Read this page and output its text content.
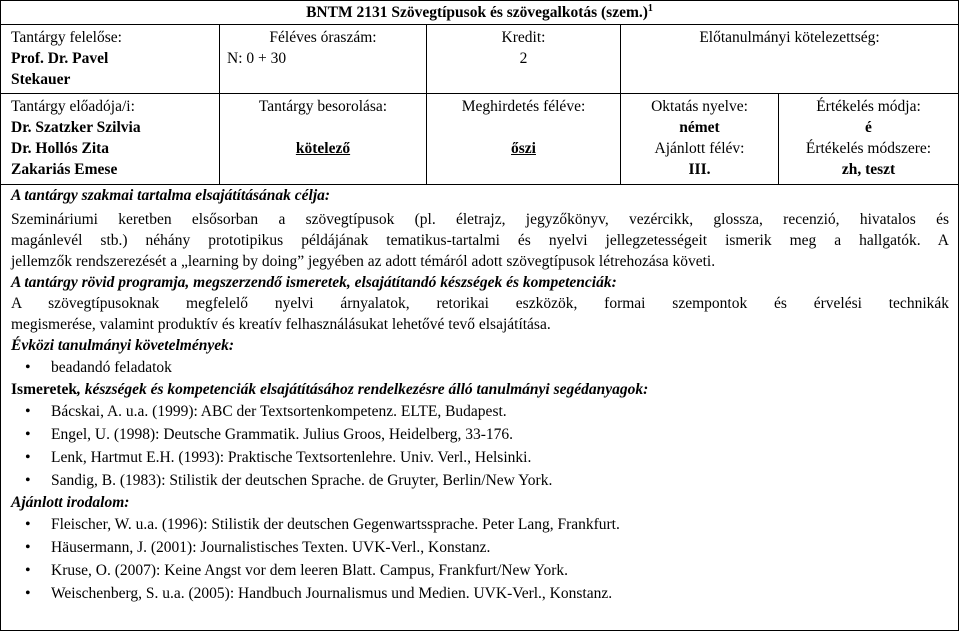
BNTM 2131 Szövegtípusok és szövegalkotás (szem.)$^1$
Tantárgy felelőse:
Prof. Dr. Pavel
Stekauer
Féléves óraszám:
N: 0 + 30
Kredit:
2
Előtanulmányi kötelezettség:
Tantárgy előadója/i:
Dr. Szatzker Szilvia
Dr. Hollós Zita
Zakariás Emese
Tantárgy besorolása:
kötelező
Meghirdetés féléve:
őszi
Oktatás nyelve:
német
Ajánlott félév:
III.
Értékelés módja:
é
Értékelés módszere:
zh, teszt
A tantárgy szakmai tartalma elsajátításának célja:
Szemináriumi keretben elsősorban a szövegtípusok (pl. életrajz, jegyzőkönyv, vezércikk, glossza, recenzió, hivatalos és
magánlevél stb.) néhány prototipikus példájának tematikus-tartalmi és nyelvi jellegzetességeit ismerik meg a hallgatók. A
jellemzők rendszerezését a „learning by doing” jegyében az adott témáról adott szövegtípusok létrehozása követi.
A tantárgy rövid programja, megszerzendő ismeretek, elsajátítandó készségek és kompetenciák:
A szövegtípusoknak megfelelő nyelvi árnyalatok, retorikai eszközök, formai szempontok és érvelési technikák
megismerése, valamint produktív és kreatív felhasználásukat lehetővé tevő elsajátítása.
Évközi tanulmányi követelmények:
• beadandó feladatok
Ismeretek, készségek és kompetenciák elsajátításához rendelkezésre álló tanulmányi segédanyagok:
• Bácskai, A. u.a. (1999): ABC der Textsortenkompetenz. ELTE, Budapest.
• Engel, U. (1998): Deutsche Grammatik. Julius Groos, Heidelberg, 33-176.
• Lenk, Hartmut E.H. (1993): Praktische Textsortenlehre. Univ. Verl., Helsinki.
• Sandig, B. (1983): Stilistik der deutschen Sprache. de Gruyter, Berlin/New York.
Ajánlott irodalom:
• Fleischer, W. u.a. (1996): Stilistik der deutschen Gegenwartssprache. Peter Lang, Frankfurt.
• Häusermann, J. (2001): Journalistisches Texten. UVK-Verl., Konstanz.
• Kruse, O. (2007): Keine Angst vor dem leeren Blatt. Campus, Frankfurt/New York.
• Weischenberg, S. u.a. (2005): Handbuch Journalismus und Medien. UVK-Verl., Konstanz.
